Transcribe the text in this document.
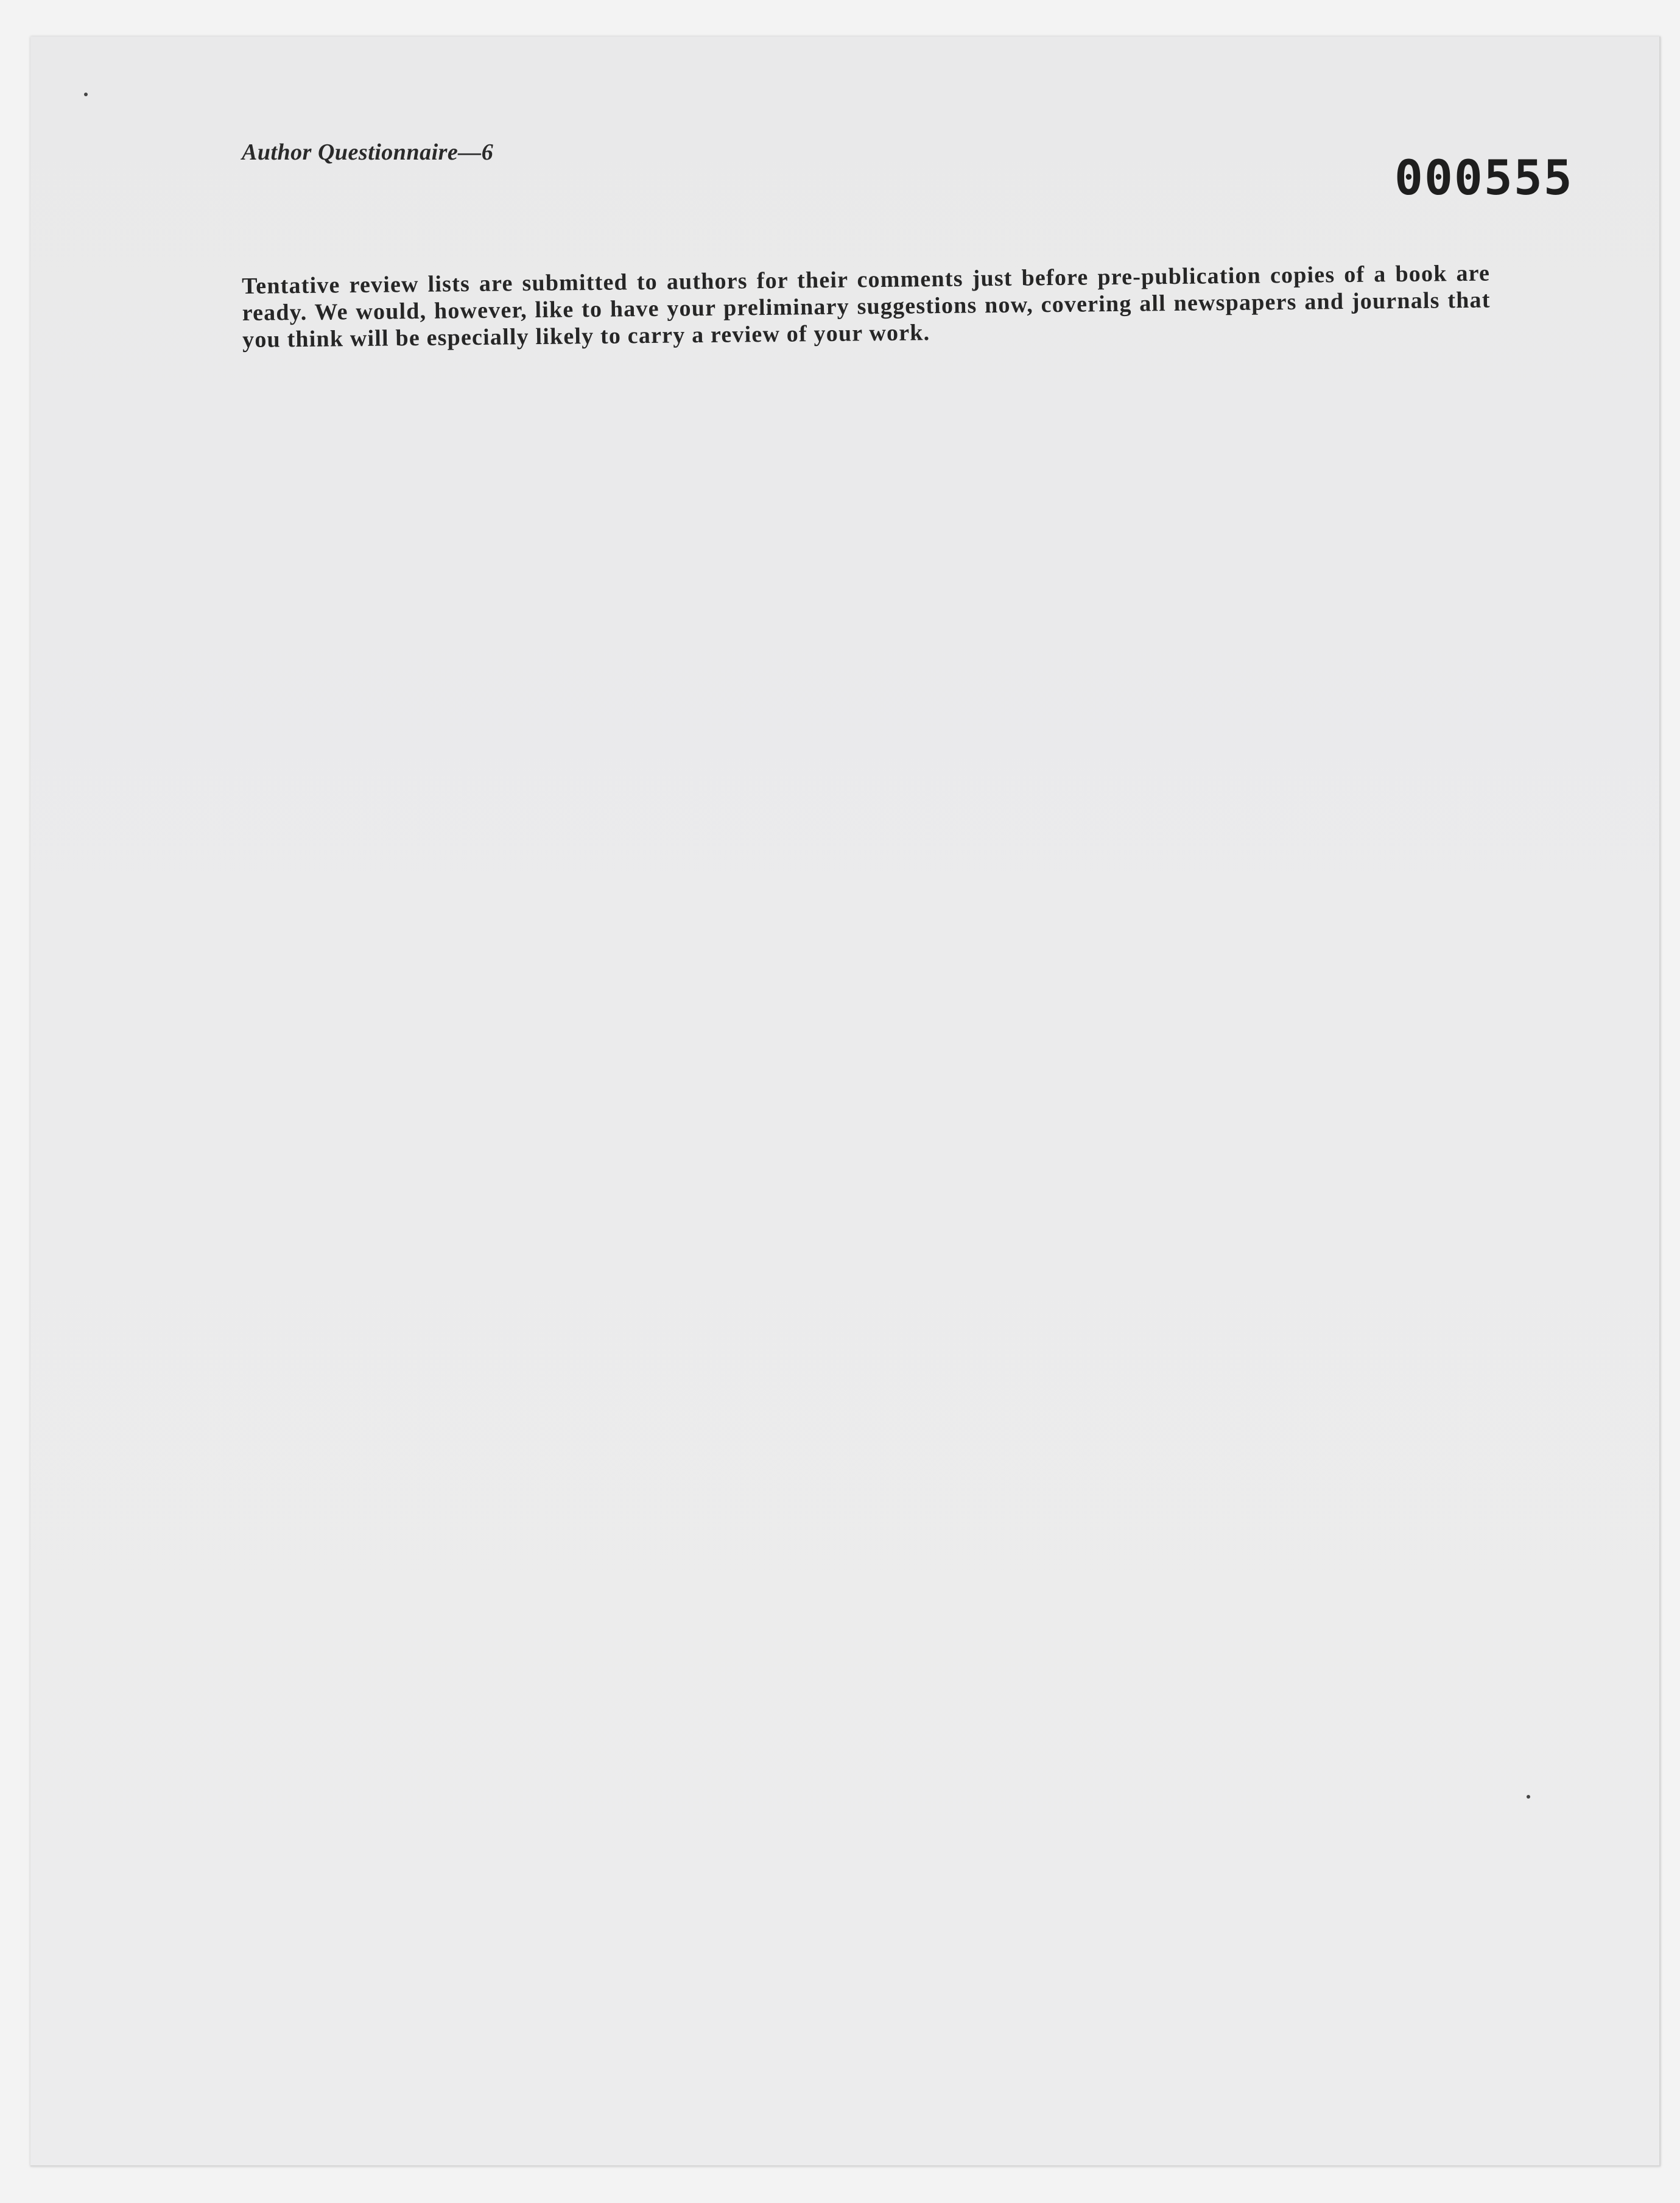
Author Questionnaire—6	000555
Tentative review lists are submitted to authors for their comments just before pre-publication copies of a book are ready. We would, however, like to have your preliminary suggestions now, covering all newspapers and journals that you think will be especially likely to carry a review of your work.
